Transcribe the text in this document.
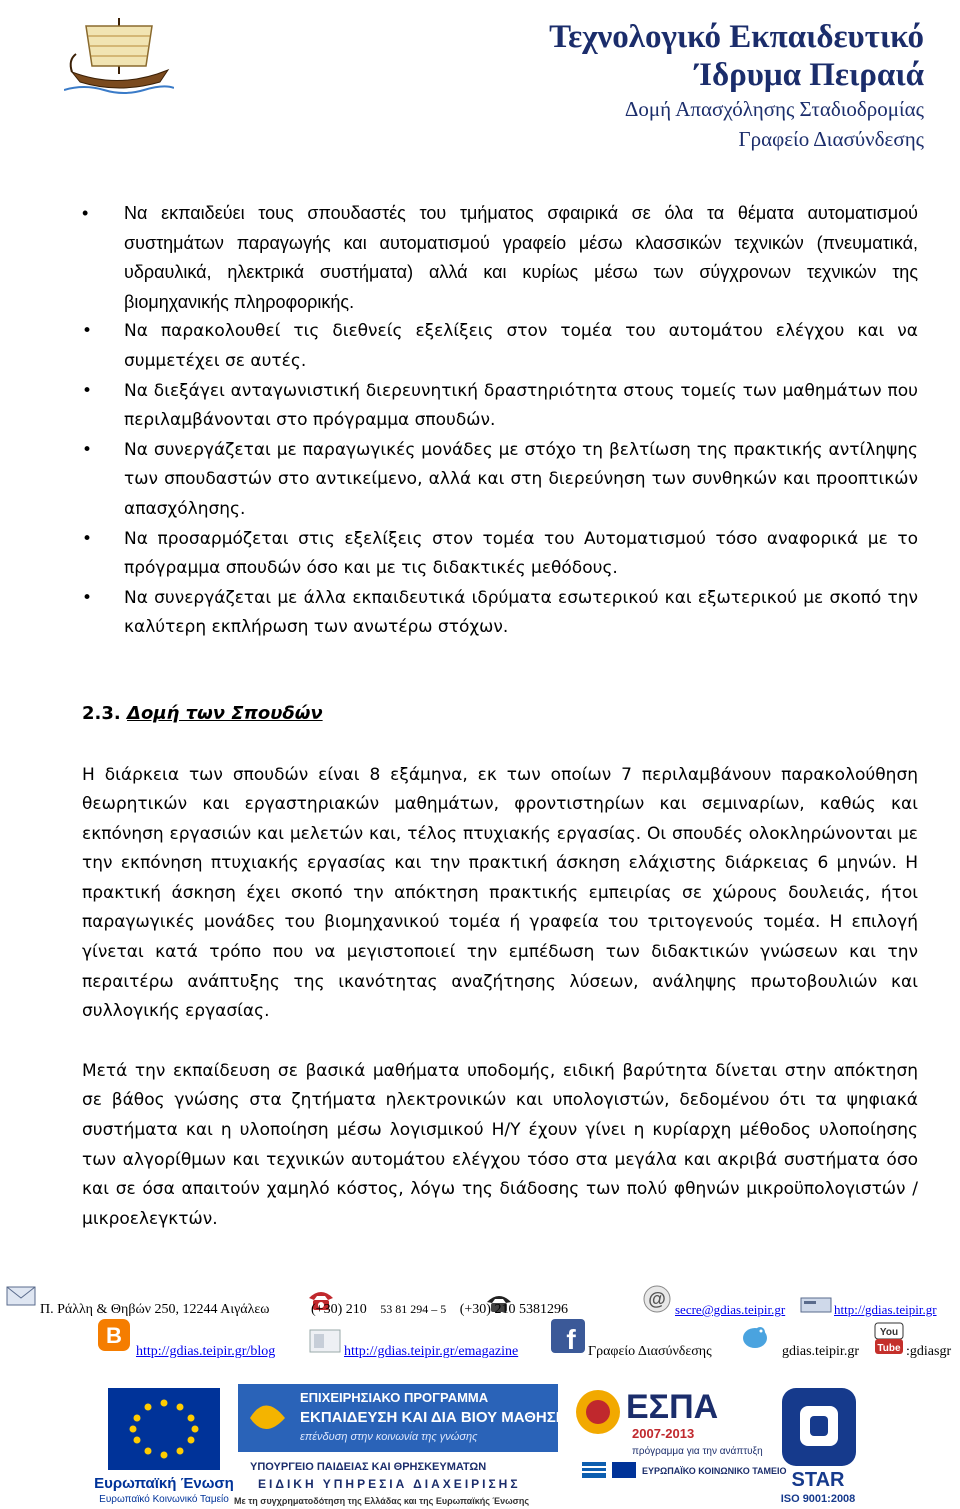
Τεχνολογικό Εκπαιδευτικό
Ίδρυμα Πειραιά
Δομή Απασχόλησης Σταδιοδρομίας
Γραφείο Διασύνδεσης
• Να εκπαιδεύει τους σπουδαστές του τμήματος σφαιρικά σε όλα τα θέματα αυτοματισμού συστημάτων παραγωγής και αυτοματισμού γραφείο μέσω κλασσικών τεχνικών (πνευματικά, υδραυλικά, ηλεκτρικά συστήματα) αλλά και κυρίως μέσω των σύγχρονων τεχνικών της βιομηχανικής πληροφορικής.
• Να παρακολουθεί τις διεθνείς εξελίξεις στον τομέα του αυτομάτου ελέγχου και να συμμετέχει σε αυτές.
• Να διεξάγει ανταγωνιστική διερευνητική δραστηριότητα στους τομείς των μαθημάτων που περιλαμβάνονται στο πρόγραμμα σπουδών.
• Να συνεργάζεται με παραγωγικές μονάδες με στόχο τη βελτίωση της πρακτικής αντίληψης των σπουδαστών στο αντικείμενο, αλλά και στη διερεύνηση των συνθηκών και προοπτικών απασχόλησης.
• Να προσαρμόζεται στις εξελίξεις στον τομέα του Αυτοματισμού τόσο αναφορικά με το πρόγραμμα σπουδών όσο και με τις διδακτικές μεθόδους.
• Να συνεργάζεται με άλλα εκπαιδευτικά ιδρύματα εσωτερικού και εξωτερικού με σκοπό την καλύτερη εκπλήρωση των ανωτέρω στόχων.
2.3. Δομή των Σπουδών

Η διάρκεια των σπουδών είναι 8 εξάμηνα, εκ των οποίων 7 περιλαμβάνουν παρακολούθηση θεωρητικών και εργαστηριακών μαθημάτων, φροντιστηρίων και σεμιναρίων, καθώς και εκπόνηση εργασιών και μελετών και, τέλος πτυχιακής εργασίας. Οι σπουδές ολοκληρώνονται με την εκπόνηση πτυχιακής εργασίας και την πρακτική άσκηση ελάχιστης διάρκειας 6 μηνών. Η πρακτική άσκηση έχει σκοπό την απόκτηση πρακτικής εμπειρίας σε χώρους δουλειάς, ήτοι παραγωγικές μονάδες του βιομηχανικού τομέα ή γραφεία του τριτογενούς τομέα. Η επιλογή γίνεται κατά τρόπο που να μεγιστοποιεί την εμπέδωση των διδακτικών γνώσεων και την περαιτέρω ανάπτυξης της ικανότητας αναζήτησης λύσεων, ανάληψης πρωτοβουλιών και συλλογικής εργασίας.

Μετά την εκπαίδευση σε βασικά μαθήματα υποδομής, ειδική βαρύτητα δίνεται στην απόκτηση σε βάθος γνώσης στα ζητήματα ηλεκτρονικών και υπολογιστών, δεδομένου ότι τα ψηφιακά συστήματα και η υλοποίηση μέσω λογισμικού Η/Υ έχουν γίνει η κυρίαρχη μέθοδος υλοποίησης των αλγορίθμων και τεχνικών αυτομάτου ελέγχου τόσο στα μεγάλα και ακριβά συστήματα όσο και σε όσα απαιτούν χαμηλό κόστος, λόγω της διάδοσης των πολύ φθηνών μικροϋπολογιστών / μικροελεγκτών.

@
Π. Ράλλη & Θηβών 250, 12244 Αιγάλεω	(+30) 210 53 81 294 – 5 (+30) 210 5381296	secre@gdias.teipir.gr	http://gdias.teipir.gr
B	f	You
Tube
http://gdias.teipir.gr/blog	http://gdias.teipir.gr/emagazine	Γραφείο Διασύνδεσης	gdias.teipir.gr	:gdiasgr
Ευρωπαϊκή Ένωση
Ευρωπαϊκό Κοινωνικό Ταμείο
ΕΠΙΧΕΙΡΗΣΙΑΚΟ ΠΡΟΓΡΑΜΜΑ
ΕΚΠΑΙΔΕΥΣΗ ΚΑΙ ΔΙΑ ΒΙΟΥ ΜΑΘΗΣΗ
επένδυση στην κοινωνία της γνώσης
ΥΠΟΥΡΓΕΙΟ ΠΑΙΔΕΙΑΣ ΚΑΙ ΘΡΗΣΚΕΥΜΑΤΩΝ
ΕΙΔΙΚΗ ΥΠΗΡΕΣΙΑ ΔΙΑΧΕΙΡΙΣΗΣ
Με τη συγχρηματοδότηση της Ελλάδας και της Ευρωπαϊκής Ένωσης
ΕΣΠΑ
2007-2013
πρόγραμμα για την ανάπτυξη
ΕΥΡΩΠΑΪΚΟ ΚΟΙΝΩΝΙΚΟ ΤΑΜΕΙΟ STAR
ISO 9001:2008
